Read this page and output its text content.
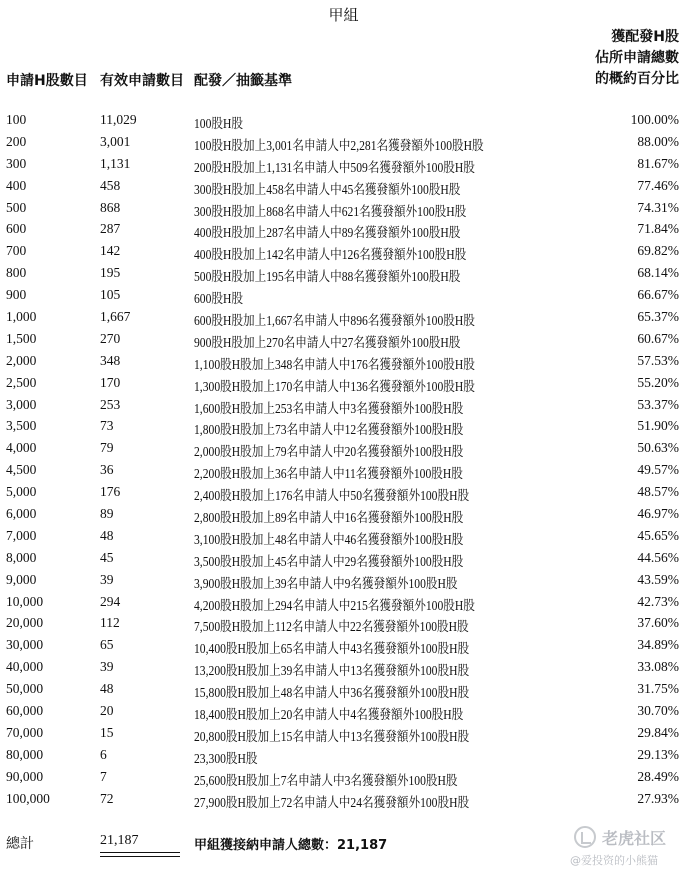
甲組
申請H股數目 有效申請數目 配發／抽籤基準
獲配發H股
佔所申請總數
的概約百分比
100	11,029	100股H股	100.00%
200	3,001	100股H股加上3,001名申請人中2,281名獲發額外100股H股	88.00%
300	1,131	200股H股加上1,131名申請人中509名獲發額外100股H股	81.67%
400	458	300股H股加上458名申請人中45名獲發額外100股H股	77.46%
500	868	300股H股加上868名申請人中621名獲發額外100股H股	74.31%
600	287	400股H股加上287名申請人中89名獲發額外100股H股	71.84%
700	142	400股H股加上142名申請人中126名獲發額外100股H股	69.82%
800	195	500股H股加上195名申請人中88名獲發額外100股H股	68.14%
900	105	600股H股	66.67%
1,000	1,667	600股H股加上1,667名申請人中896名獲發額外100股H股	65.37%
1,500	270	900股H股加上270名申請人中27名獲發額外100股H股	60.67%
2,000	348	1,100股H股加上348名申請人中176名獲發額外100股H股	57.53%
2,500	170	1,300股H股加上170名申請人中136名獲發額外100股H股	55.20%
3,000	253	1,600股H股加上253名申請人中3名獲發額外100股H股	53.37%
3,500	73	1,800股H股加上73名申請人中12名獲發額外100股H股	51.90%
4,000	79	2,000股H股加上79名申請人中20名獲發額外100股H股	50.63%
4,500	36	2,200股H股加上36名申請人中11名獲發額外100股H股	49.57%
5,000	176	2,400股H股加上176名申請人中50名獲發額外100股H股	48.57%
6,000	89	2,800股H股加上89名申請人中16名獲發額外100股H股	46.97%
7,000	48	3,100股H股加上48名申請人中46名獲發額外100股H股	45.65%
8,000	45	3,500股H股加上45名申請人中29名獲發額外100股H股	44.56%
9,000	39	3,900股H股加上39名申請人中9名獲發額外100股H股	43.59%
10,000	294	4,200股H股加上294名申請人中215名獲發額外100股H股	42.73%
20,000	112	7,500股H股加上112名申請人中22名獲發額外100股H股	37.60%
30,000	65	10,400股H股加上65名申請人中43名獲發額外100股H股	34.89%
40,000	39	13,200股H股加上39名申請人中13名獲發額外100股H股	33.08%
50,000	48	15,800股H股加上48名申請人中36名獲發額外100股H股	31.75%
60,000	20	18,400股H股加上20名申請人中4名獲發額外100股H股	30.70%
70,000	15	20,800股H股加上15名申請人中13名獲發額外100股H股	29.84%
80,000	6	23,300股H股	29.13%
90,000	7	25,600股H股加上7名申請人中3名獲發額外100股H股	28.49%
100,000	72	27,900股H股加上72名申請人中24名獲發額外100股H股	27.93%
總計	21,187	甲組獲接納申請人總數：21,187	老虎社区
@爱投资的小熊猫
